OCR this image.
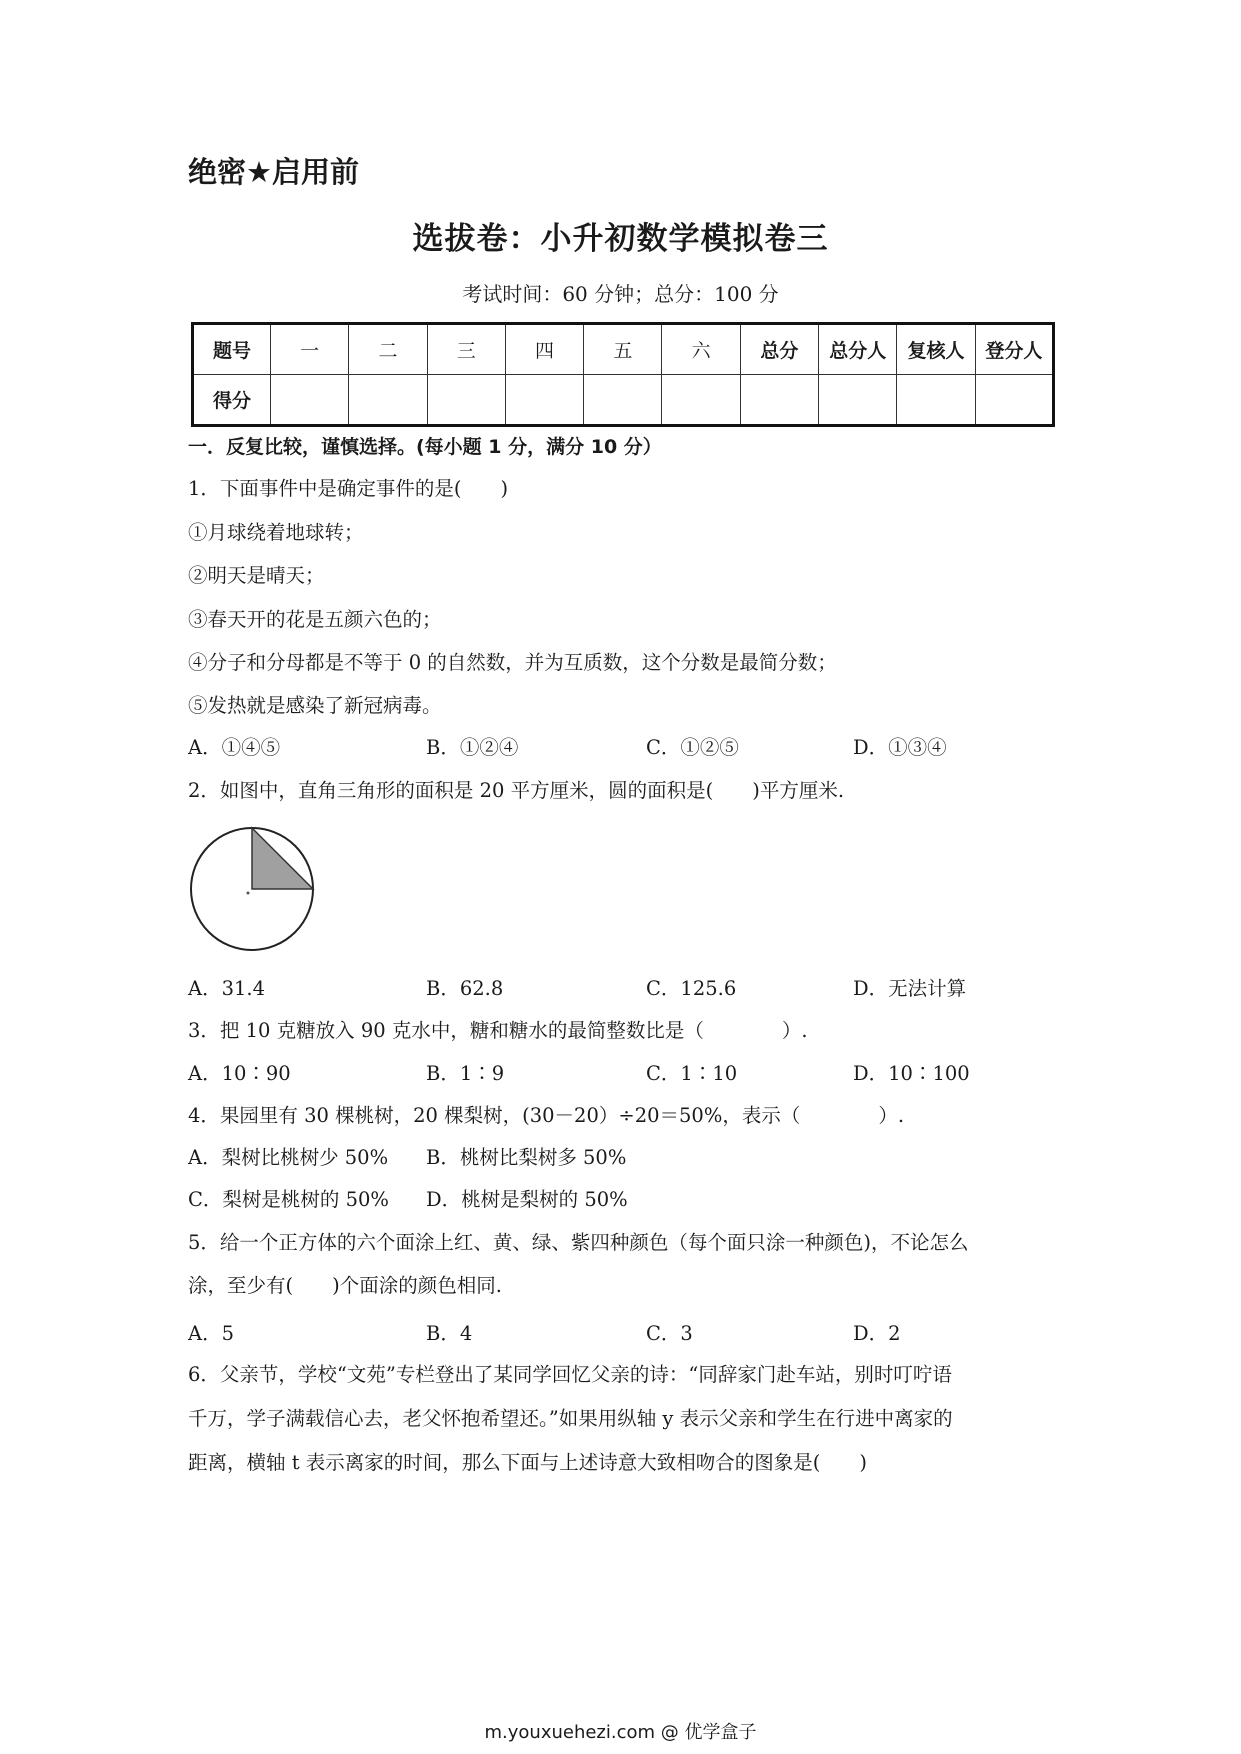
绝密★启用前
选拔卷：小升初数学模拟卷三
考试时间：60 分钟；总分：100 分
题号	一	二	三	四	五	六	总分	总分人	复核人	登分人
得分										
一．反复比较，谨慎选择。(每小题 1 分，满分 10 分）
1．下面事件中是确定事件的是(　　)
①月球绕着地球转；
②明天是晴天；
③春天开的花是五颜六色的；
④分子和分母都是不等于 0 的自然数，并为互质数，这个分数是最简分数；
⑤发热就是感染了新冠病毒。
A．①④⑤	B．①②④	C．①②⑤	D．①③④
2．如图中，直角三角形的面积是 20 平方厘米，圆的面积是(　　)平方厘米.
A．31.4	B．62.8	C．125.6	D．无法计算
3．把 10 克糖放入 90 克水中，糖和糖水的最简整数比是（　　　　）.
A．10∶90	B．1∶9	C．1∶10	D．10∶100
4．果园里有 30 棵桃树，20 棵梨树，(30－20）÷20＝50%，表示（　　　　）.
A．梨树比桃树少 50% B．桃树比梨树多 50%
C．梨树是桃树的 50% D．桃树是梨树的 50%
5．给一个正方体的六个面涂上红、黄、绿、紫四种颜色（每个面只涂一种颜色)，不论怎么
涂，至少有(　　)个面涂的颜色相同.
A．5	B．4	C．3	D．2
6．父亲节，学校“文苑”专栏登出了某同学回忆父亲的诗：“同辞家门赴车站，别时叮咛语
千万，学子满载信心去，老父怀抱希望还。”如果用纵轴 y 表示父亲和学生在行进中离家的
距离，横轴 t 表示离家的时间，那么下面与上述诗意大致相吻合的图象是(　　)
m.youxuehezi.com @ 优学盒子
